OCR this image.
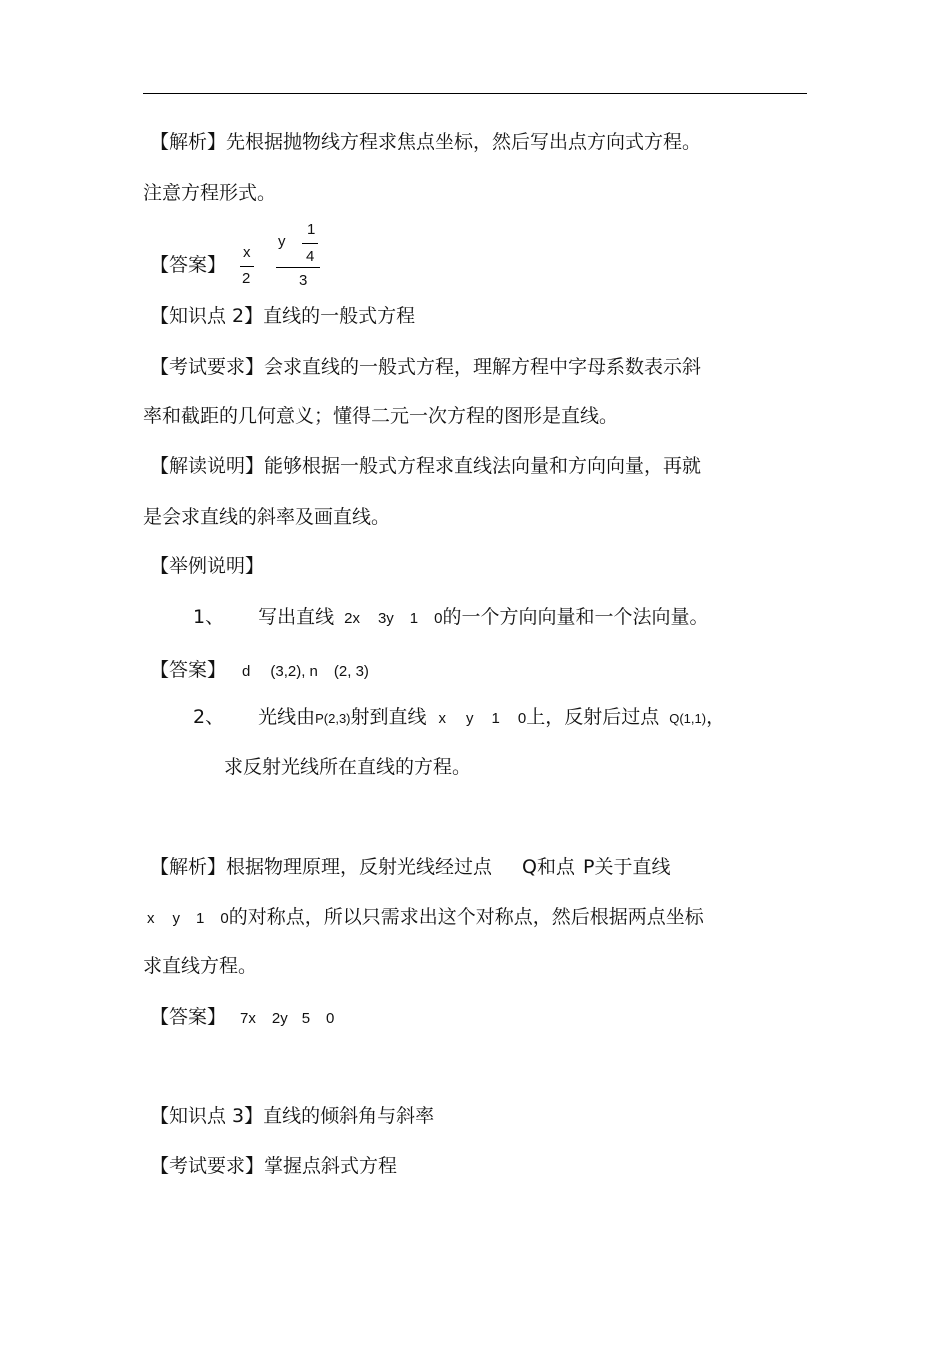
【解析】先根据抛物线方程求焦点坐标，然后写出点方向式方程。
注意方程形式。
【答案】
x
2
y
1
4
3
【知识点 2】直线的一般式方程
【考试要求】会求直线的一般式方程，理解方程中字母系数表示斜
率和截距的几何意义；懂得二元一次方程的图形是直线。
【解读说明】能够根据一般式方程求直线法向量和方向向量，再就
是会求直线的斜率及画直线。
【举例说明】
1、 写出直线 2x 3y 1 0的一个方向向量和一个法向量。
【答案】 d (3,2), n (2, 3)
2、 光线由P(2,3)射到直线 x y 1 0上，反射后过点 Q(1,1)，
求反射光线所在直线的方程。
【解析】根据物理原理，反射光线经过点 Q和点 P关于直线
x y 1 0的对称点，所以只需求出这个对称点，然后根据两点坐标
求直线方程。
【答案】 7x 2y 5 0
【知识点 3】直线的倾斜角与斜率
【考试要求】掌握点斜式方程
